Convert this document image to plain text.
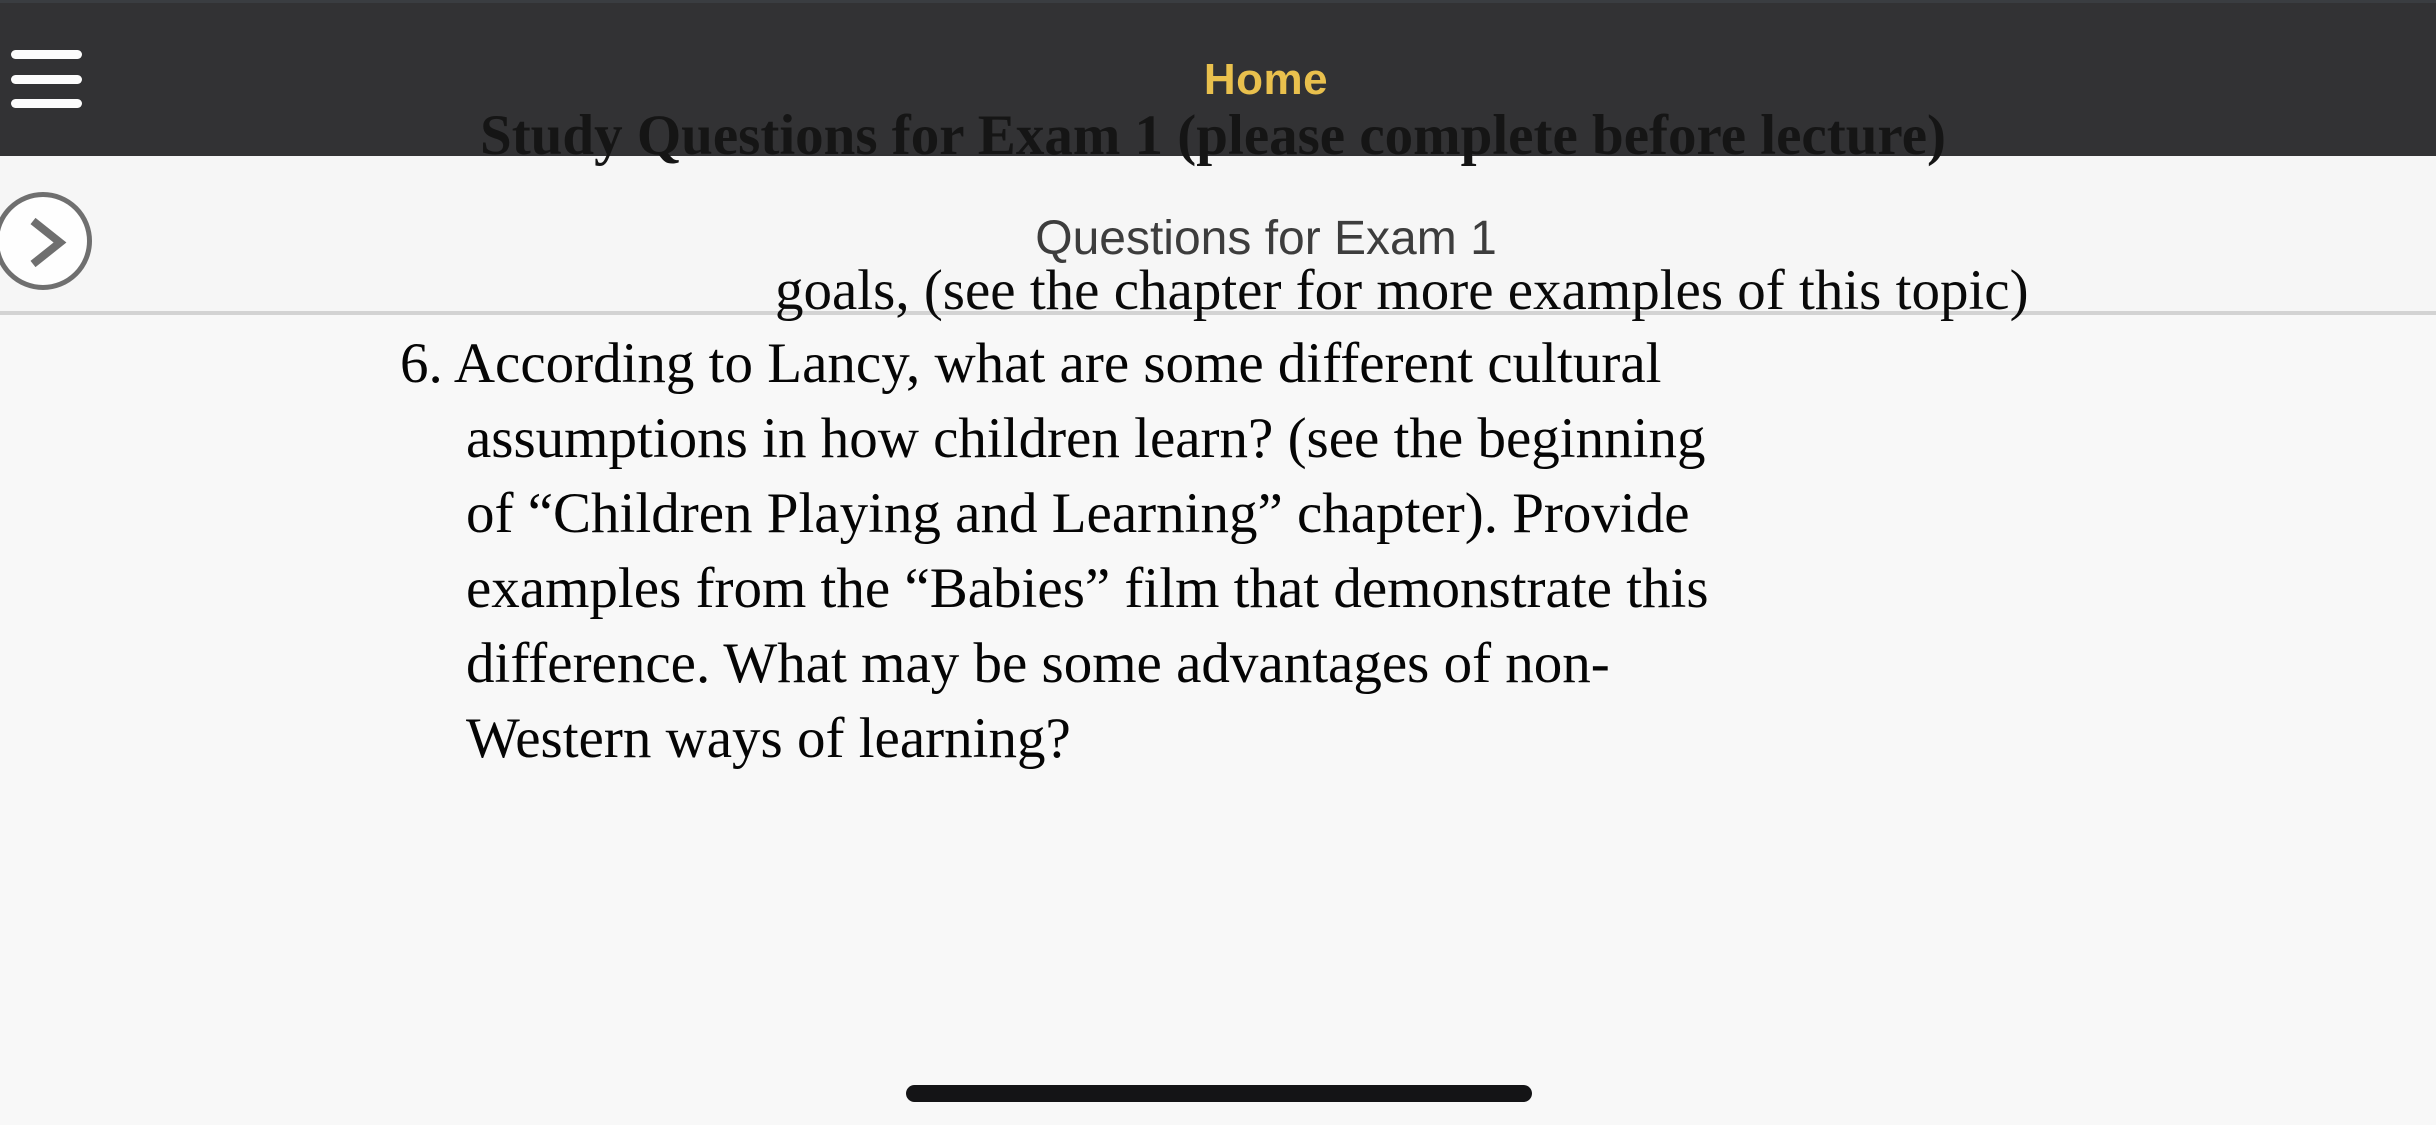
Home
Study Questions for Exam 1 (please complete before lecture)
Questions for Exam 1
goals, (see the chapter for more examples of this topic)
6. According to Lancy, what are some different cultural
assumptions in how children learn? (see the beginning
of “Children Playing and Learning” chapter). Provide
examples from the “Babies” film that demonstrate this
difference. What may be some advantages of non-
Western ways of learning?
